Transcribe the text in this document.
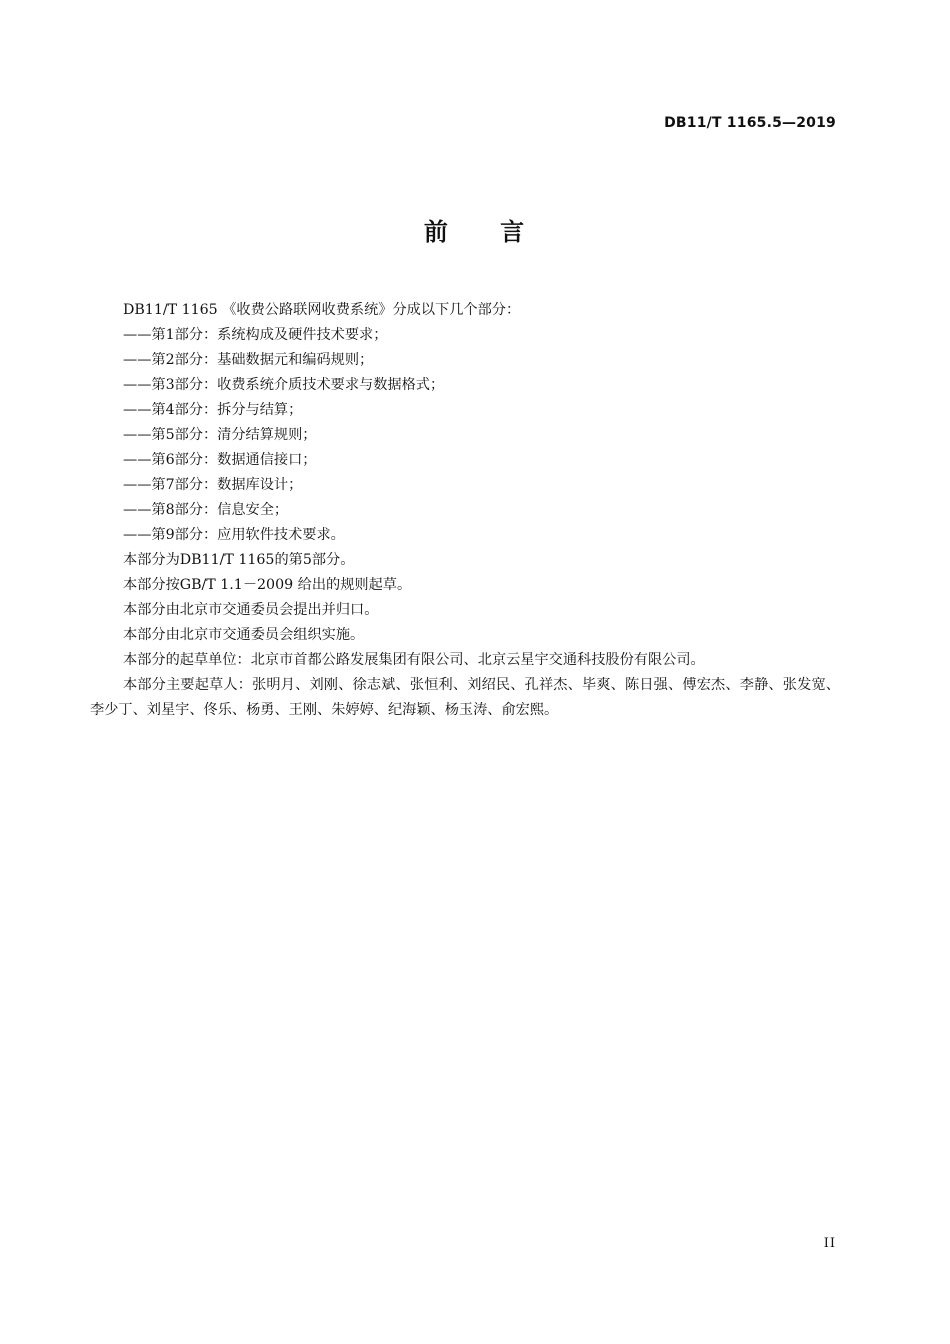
DB11/T 1165.5—2019
前 言
DB11/T 1165 《收费公路联网收费系统》分成以下几个部分：
——第1部分：系统构成及硬件技术要求；
——第2部分：基础数据元和编码规则；
——第3部分：收费系统介质技术要求与数据格式；
——第4部分：拆分与结算；
——第5部分：清分结算规则；
——第6部分：数据通信接口；
——第7部分：数据库设计；
——第8部分：信息安全；
——第9部分：应用软件技术要求。
本部分为DB11/T 1165的第5部分。
本部分按GB/T 1.1－2009 给出的规则起草。
本部分由北京市交通委员会提出并归口。
本部分由北京市交通委员会组织实施。
本部分的起草单位：北京市首都公路发展集团有限公司、北京云星宇交通科技股份有限公司。
本部分主要起草人：张明月、刘刚、徐志斌、张恒利、刘绍民、孔祥杰、毕爽、陈日强、傅宏杰、李静、张发宽、李少丁、刘星宇、佟乐、杨勇、王刚、朱婷婷、纪海颖、杨玉涛、俞宏熙。
II
